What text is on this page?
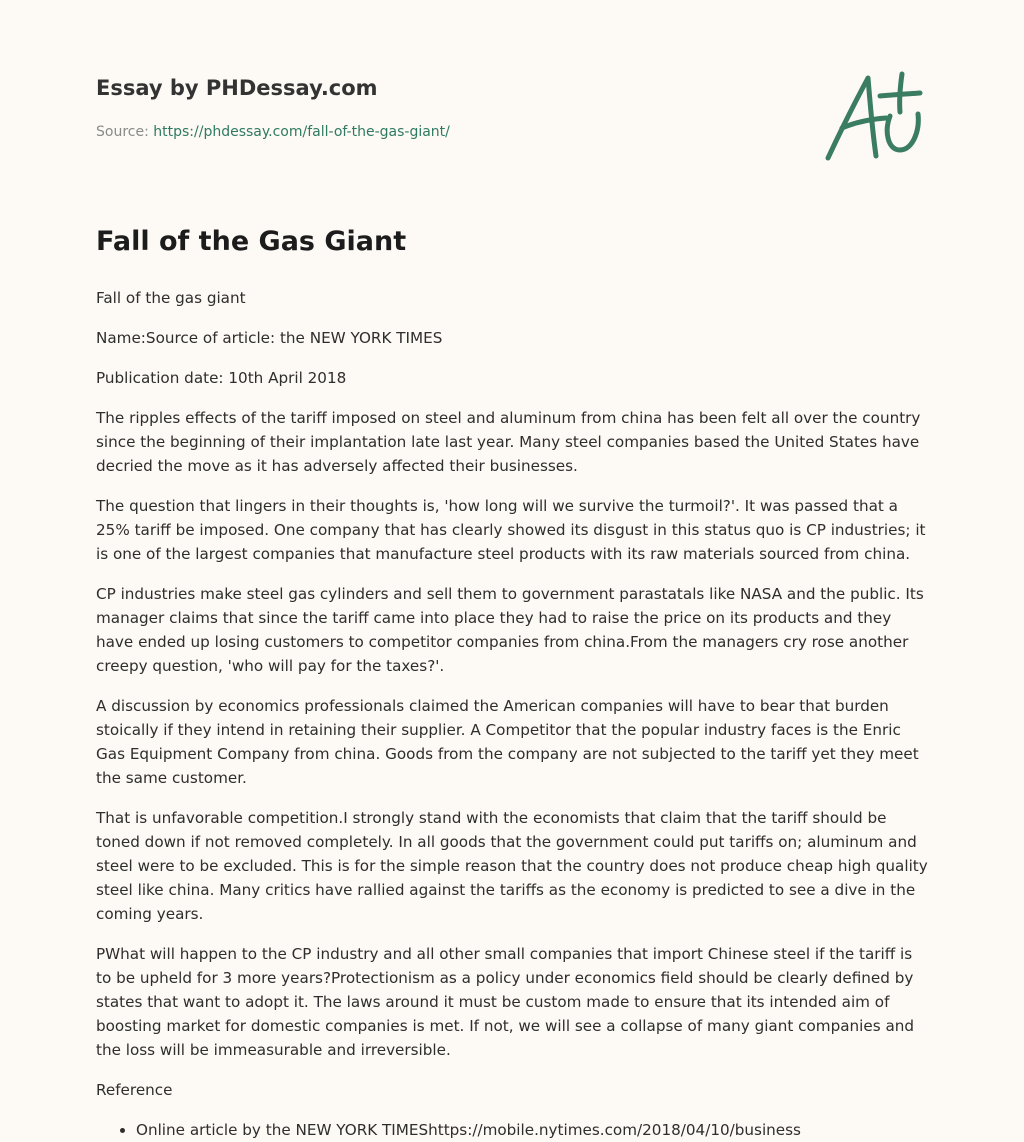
Essay by PHDessay.com

Source: https://phdessay.com/fall-of-the-gas-giant/

Fall of the Gas Giant

Fall of the gas giant

Name:Source of article: the NEW YORK TIMES

Publication date: 10th April 2018

The ripples effects of the tariff imposed on steel and aluminum from china has been felt all over the country since the beginning of their implantation late last year. Many steel companies based the United States have decried the move as it has adversely affected their businesses.

The question that lingers in their thoughts is, 'how long will we survive the turmoil?'. It was passed that a 25% tariff be imposed. One company that has clearly showed its disgust in this status quo is CP industries; it is one of the largest companies that manufacture steel products with its raw materials sourced from china.

CP industries make steel gas cylinders and sell them to government parastatals like NASA and the public. Its manager claims that since the tariff came into place they had to raise the price on its products and they have ended up losing customers to competitor companies from china.From the managers cry rose another creepy question, 'who will pay for the taxes?'.

A discussion by economics professionals claimed the American companies will have to bear that burden stoically if they intend in retaining their supplier. A Competitor that the popular industry faces is the Enric Gas Equipment Company from china. Goods from the company are not subjected to the tariff yet they meet the same customer.

That is unfavorable competition.I strongly stand with the economists that claim that the tariff should be toned down if not removed completely. In all goods that the government could put tariffs on; aluminum and steel were to be excluded. This is for the simple reason that the country does not produce cheap high quality steel like china. Many critics have rallied against the tariffs as the economy is predicted to see a dive in the coming years.

PWhat will happen to the CP industry and all other small companies that import Chinese steel if the tariff is to be upheld for 3 more years?Protectionism as a policy under economics field should be clearly defined by states that want to adopt it. The laws around it must be custom made to ensure that its intended aim of boosting market for domestic companies is met. If not, we will see a collapse of many giant companies and the loss will be immeasurable and irreversible.

Reference

• Online article by the NEW YORK TIMEShttps://mobile.nytimes.com/2018/04/10/business
